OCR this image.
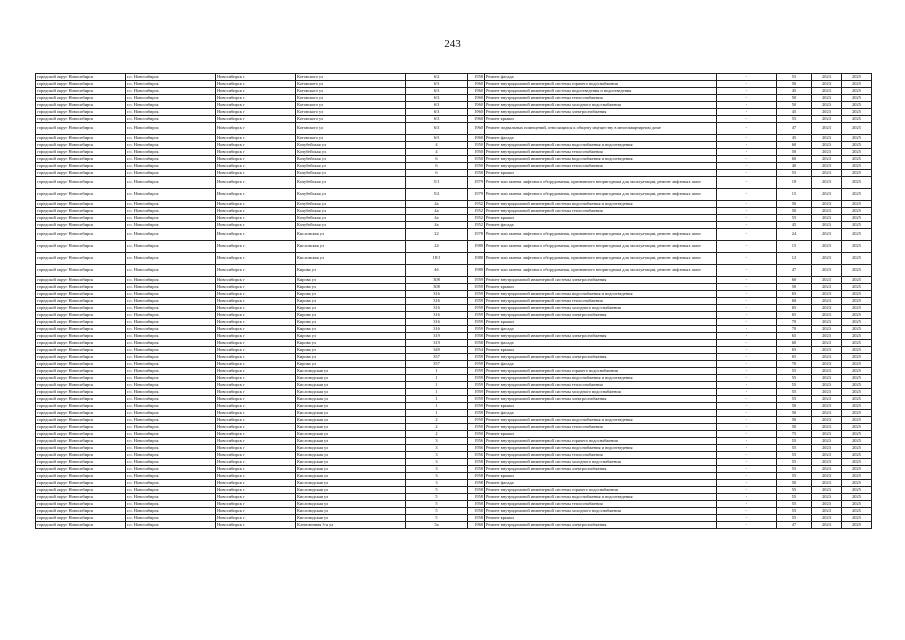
243
городской округ Новосибирск	г.о. Новосибирск	Новосибирск г	Котовского ул	6/2	1958	Ремонт фасада	-	55	2023	2025
городской округ Новосибирск	г.о. Новосибирск	Новосибирск г	Котовского ул	6/3	1960	Ремонт внутридомовой инженерной системы горячего водоснабжения	-	50	2023	2025
городской округ Новосибирск	г.о. Новосибирск	Новосибирск г	Котовского ул	6/3	1960	Ремонт внутридомовой инженерной системы водоотведения и водоотведения	-	45	2023	2025
городской округ Новосибирск	г.о. Новосибирск	Новосибирск г	Котовского ул	6/3	1960	Ремонт внутридомовой инженерной системы теплоснабжения	-	50	2023	2025
городской округ Новосибирск	г.о. Новосибирск	Новосибирск г	Котовского ул	6/3	1960	Ремонт внутридомовой инженерной системы холодного водоснабжения	-	50	2023	2025
городской округ Новосибирск	г.о. Новосибирск	Новосибирск г	Котовского ул	6/3	1960	Ремонт внутридомовой инженерной системы электроснабжения	-	45	2023	2025
городской округ Новосибирск	г.о. Новосибирск	Новосибирск г	Котовского ул	6/3	1960	Ремонт крыши	-	55	2023	2025
городской округ Новосибирск	г.о. Новосибирск	Новосибирск г	Котовского ул	6/3	1960	Ремонт подвальных помещений, относящихся к общему имуществу в многоквартирном доме	-	47	2023	2025
городской округ Новосибирск	г.о. Новосибирск	Новосибирск г	Котовского ул	6/3	1960	Ремонт фасада	-	45	2023	2025
городской округ Новосибирск	г.о. Новосибирск	Новосибирск г	Кочубейская ул	4	1950	Ремонт внутридомовой инженерной системы водоснабжения и водоотведения	-	60	2023	2025
городской округ Новосибирск	г.о. Новосибирск	Новосибирск г	Кочубейская ул	4	1950	Ремонт внутридомовой инженерной системы теплоснабжения	-	50	2023	2025
городской округ Новосибирск	г.о. Новосибирск	Новосибирск г	Кочубейская ул	6	1950	Ремонт внутридомовой инженерной системы водоснабжения и водоотведения	-	60	2023	2025
городской округ Новосибирск	г.о. Новосибирск	Новосибирск г	Кочубейская ул	6	1950	Ремонт внутридомовой инженерной системы теплоснабжения	-	40	2023	2025
городской округ Новосибирск	г.о. Новосибирск	Новосибирск г	Кочубейская ул	6	1950	Ремонт крыши	-	55	2023	2025
городской округ Новосибирск	г.о. Новосибирск	Новосибирск г	Кочубейская ул	5/1	1979	Ремонт или замена лифтового оборудования, признанного непригодным для эксплуатации, ремонт лифтовых шахт	-	18	2023	2025
городской округ Новосибирск	г.о. Новосибирск	Новосибирск г	Кочубейская ул	5/2	1979	Ремонт или замена лифтового оборудования, признанного непригодным для эксплуатации, ремонт лифтовых шахт	-	15	2023	2025
городской округ Новосибирск	г.о. Новосибирск	Новосибирск г	Кочубейская ул	4а	1952	Ремонт внутридомовой инженерной системы водоснабжения и водоотведения	-	50	2023	2025
городской округ Новосибирск	г.о. Новосибирск	Новосибирск г	Кочубейская ул	4а	1952	Ремонт внутридомовой инженерной системы теплоснабжения	-	50	2023	2025
городской округ Новосибирск	г.о. Новосибирск	Новосибирск г	Кочубейская ул	4а	1952	Ремонт крыши	-	55	2023	2025
городской округ Новосибирск	г.о. Новосибирск	Новосибирск г	Кочубейская ул	4а	1952	Ремонт фасада	-	45	2023	2025
городской округ Новосибирск	г.о. Новосибирск	Новосибирск г	Кисловская ул	22	1978	Ремонт или замена лифтового оборудования, признанного непригодным для эксплуатации, ремонт лифтовых шахт	-	24	2023	2025
городской округ Новосибирск	г.о. Новосибирск	Новосибирск г	Кисловская ул	24	1980	Ремонт или замена лифтового оборудования, признанного непригодным для эксплуатации, ремонт лифтовых шахт	-	15	2023	2025
городской округ Новосибирск	г.о. Новосибирск	Новосибирск г	Кисловская ул	18/1	1980	Ремонт или замена лифтового оборудования, признанного непригодным для эксплуатации, ремонт лифтовых шахт	-	12	2023	2025
городской округ Новосибирск	г.о. Новосибирск	Новосибирск г	Кирова ул	46	1980	Ремонт или замена лифтового оборудования, признанного непригодным для эксплуатации, ремонт лифтовых шахт	-	47	2023	2025
городской округ Новосибирск	г.о. Новосибирск	Новосибирск г	Кирова ул	308	1959	Ремонт внутридомовой инженерной системы электроснабжения	-	60	2023	2025
городской округ Новосибирск	г.о. Новосибирск	Новосибирск г	Кирова ул	308	1959	Ремонт крыши	-	50	2023	2025
городской округ Новосибирск	г.о. Новосибирск	Новосибирск г	Кирова ул	316	1959	Ремонт внутридомовой инженерной системы водоснабжения и водоотведения	-	65	2023	2025
городской округ Новосибирск	г.о. Новосибирск	Новосибирск г	Кирова ул	316	1959	Ремонт внутридомовой инженерной системы теплоснабжения	-	60	2023	2025
городской округ Новосибирск	г.о. Новосибирск	Новосибирск г	Кирова ул	316	1959	Ремонт внутридомовой инженерной системы холодного водоснабжения	-	65	2023	2025
городской округ Новосибирск	г.о. Новосибирск	Новосибирск г	Кирова ул	316	1959	Ремонт внутридомовой инженерной системы электроснабжения	-	65	2023	2025
городской округ Новосибирск	г.о. Новосибирск	Новосибирск г	Кирова ул	316	1959	Ремонт крыши	-	70	2023	2025
городской округ Новосибирск	г.о. Новосибирск	Новосибирск г	Кирова ул	316	1959	Ремонт фасада	-	70	2023	2025
городской округ Новосибирск	г.о. Новосибирск	Новосибирск г	Кирова ул	319	1958	Ремонт внутридомовой инженерной системы электроснабжения	-	65	2023	2025
городской округ Новосибирск	г.о. Новосибирск	Новосибирск г	Кирова ул	319	1958	Ремонт фасада	-	60	2023	2025
городской округ Новосибирск	г.о. Новосибирск	Новосибирск г	Кирова ул	349	1954	Ремонт крыши	-	65	2023	2025
городской округ Новосибирск	г.о. Новосибирск	Новосибирск г	Кирова ул	357	1959	Ремонт внутридомовой инженерной системы электроснабжения	-	65	2023	2025
городской округ Новосибирск	г.о. Новосибирск	Новосибирск г	Кирова ул	357	1959	Ремонт фасада	-	70	2023	2025
городской округ Новосибирск	г.о. Новосибирск	Новосибирск г	Кисловодская ул	1	1959	Ремонт внутридомовой инженерной системы горячего водоснабжения	-	55	2023	2025
городской округ Новосибирск	г.о. Новосибирск	Новосибирск г	Кисловодская ул	1	1959	Ремонт внутридомовой инженерной системы водоснабжения и водоотведения	-	55	2023	2025
городской округ Новосибирск	г.о. Новосибирск	Новосибирск г	Кисловодская ул	1	1959	Ремонт внутридомовой инженерной системы теплоснабжения	-	55	2023	2025
городской округ Новосибирск	г.о. Новосибирск	Новосибирск г	Кисловодская ул	1	1959	Ремонт внутридомовой инженерной системы холодного водоснабжения	-	55	2023	2025
городской округ Новосибирск	г.о. Новосибирск	Новосибирск г	Кисловодская ул	1	1959	Ремонт внутридомовой инженерной системы электроснабжения	-	55	2023	2025
городской округ Новосибирск	г.о. Новосибирск	Новосибирск г	Кисловодская ул	1	1959	Ремонт крыши	-	50	2023	2025
городской округ Новосибирск	г.о. Новосибирск	Новосибирск г	Кисловодская ул	1	1959	Ремонт фасада	-	50	2023	2025
городской округ Новосибирск	г.о. Новосибирск	Новосибирск г	Кисловодская ул	2	1950	Ремонт внутридомовой инженерной системы водоснабжения и водоотведения	-	50	2023	2025
городской округ Новосибирск	г.о. Новосибирск	Новосибирск г	Кисловодская ул	2	1950	Ремонт внутридомовой инженерной системы теплоснабжения	-	50	2023	2025
городской округ Новосибирск	г.о. Новосибирск	Новосибирск г	Кисловодская ул	2	1950	Ремонт крыши	-	75	2023	2025
городской округ Новосибирск	г.о. Новосибирск	Новосибирск г	Кисловодская ул	3	1956	Ремонт внутридомовой инженерной системы горячего водоснабжения	-	55	2023	2025
городской округ Новосибирск	г.о. Новосибирск	Новосибирск г	Кисловодская ул	3	1956	Ремонт внутридомовой инженерной системы водоснабжения и водоотведения	-	55	2023	2025
городской округ Новосибирск	г.о. Новосибирск	Новосибирск г	Кисловодская ул	3	1956	Ремонт внутридомовой инженерной системы теплоснабжения	-	55	2023	2025
городской округ Новосибирск	г.о. Новосибирск	Новосибирск г	Кисловодская ул	3	1958	Ремонт внутридомовой инженерной системы холодного водоснабжения	-	55	2023	2025
городской округ Новосибирск	г.о. Новосибирск	Новосибирск г	Кисловодская ул	3	1958	Ремонт внутридомовой инженерной системы электроснабжения	-	55	2023	2025
городской округ Новосибирск	г.о. Новосибирск	Новосибирск г	Кисловодская ул	3	1958	Ремонт крыши	-	55	2023	2025
городской округ Новосибирск	г.о. Новосибирск	Новосибирск г	Кисловодская ул	3	1958	Ремонт фасада	-	50	2023	2025
городской округ Новосибирск	г.о. Новосибирск	Новосибирск г	Кисловодская ул	5	1958	Ремонт внутридомовой инженерной системы горячего водоснабжения	-	55	2023	2025
городской округ Новосибирск	г.о. Новосибирск	Новосибирск г	Кисловодская ул	5	1958	Ремонт внутридомовой инженерной системы водоснабжения и водоотведения	-	55	2023	2025
городской округ Новосибирск	г.о. Новосибирск	Новосибирск г	Кисловодская ул	5	1958	Ремонт внутридомовой инженерной системы теплоснабжения	-	55	2023	2025
городской округ Новосибирск	г.о. Новосибирск	Новосибирск г	Кисловодская ул	5	1958	Ремонт внутридомовой инженерной системы холодного водоснабжения	-	55	2023	2025
городской округ Новосибирск	г.о. Новосибирск	Новосибирск г	Кисловодская ул	5	1958	Ремонт крыши	-	55	2023	2025
городской округ Новосибирск	г.о. Новосибирск	Новосибирск г	Кленовочная 3-я ул	5а	1960	Ремонт внутридомовой инженерной системы электроснабжения	-	47	2023	2025
